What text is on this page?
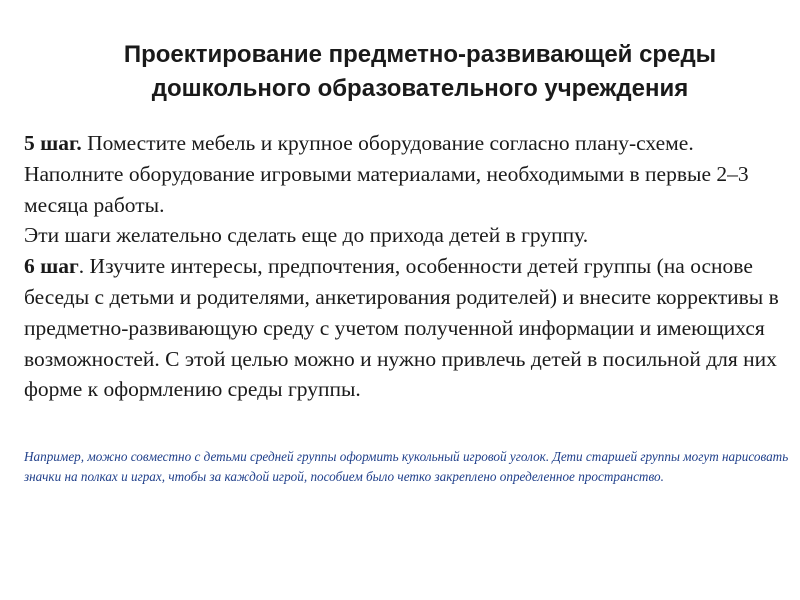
Проектирование предметно-развивающей среды
дошкольного образовательного учреждения

5 шаг. Поместите мебель и крупное оборудование согласно плану-схеме. Наполните оборудование игровыми материалами, необходимыми в первые 2–3 месяца работы.

Эти шаги желательно сделать еще до прихода детей в группу.

6 шаг. Изучите интересы, предпочтения, особенности детей группы (на основе беседы с детьми и родителями, анкетирования родителей) и внесите коррективы в предметно-развивающую среду с учетом полученной информации и имеющихся возможностей. С этой целью можно и нужно привлечь детей в посильной для них форме к оформлению среды группы.

Например, можно совместно с детьми средней группы оформить кукольный игровой уголок. Дети старшей группы могут нарисовать значки на полках и играх, чтобы за каждой игрой, пособием было четко закреплено определенное пространство.
